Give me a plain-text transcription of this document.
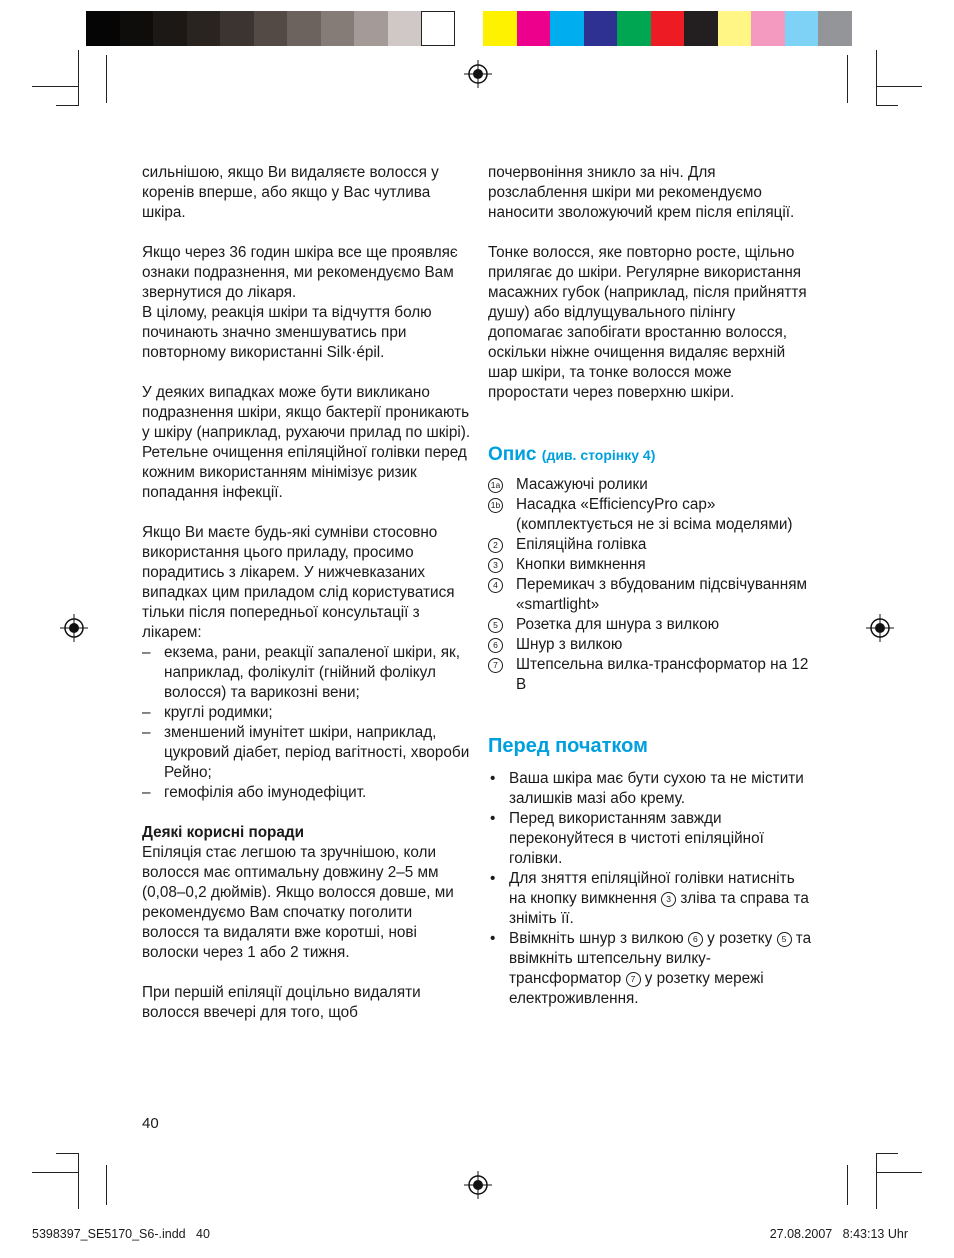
сильнішою, якщо Ви видаляєте волосся у коренів вперше, або якщо у Вас чутлива шкіра.

Якщо через 36 годин шкіра все ще проявляє ознаки подразнення, ми рекомендуємо Вам звернутися до лікаря.

В цілому, реакція шкіри та відчуття болю починають значно зменшуватись при повторному використанні Silk·épil.

У деяких випадках може бути викликано подразнення шкіри, якщо бактерії проникають у шкіру (наприклад, рухаючи прилад по шкірі). Ретельне очищення епіляційної голівки перед кожним використанням мінімізує ризик попадання інфекції.

Якщо Ви маєте будь-які сумніви стосовно використання цього приладу, просимо порадитись з лікарем. У нижчевказаних випадках цим приладом слід користуватися тільки після попередньої консультації з лікарем:

– екзема, рани, реакції запаленої шкіри, як, наприклад, фолікуліт (гнійний фолікул волосся) та варикозні вени;
– круглі родимки;
– зменшений імунітет шкіри, наприклад, цукровий діабет, період вагітності, хвороби Рейно;
– гемофілія або імунодефіцит.
Деякі корисні поради

Епіляція стає легшою та зручнішою, коли волосся має оптимальну довжину 2–5 мм (0,08–0,2 дюймів). Якщо волосся довше, ми рекомендуємо Вам спочатку поголити волосся та видаляти вже коротші, нові волоски через 1 або 2 тижня.

При першій епіляції доцільно видаляти волосся ввечері для того, щоб

почервоніння зникло за ніч. Для розслаблення шкіри ми рекомендуємо наносити зволожуючий крем після епіляції.

Тонке волосся, яке повторно росте, щільно прилягає до шкіри. Регулярне використання масажних губок (наприклад, після прийняття душу) або відлущувального пілінгу допомагає запобігати вростанню волосся, оскільки ніжне очищення видаляє верхній шар шкіри, та тонке волосся може проростати через поверхню шкіри.

Опис (див. сторінку 4)
1a Масажуючі ролики
1b Насадка «EfficiencyPro cap» (комплектується не зі всіма моделями)
2	Епіляційна голівка
3	Кнопки вимкнення
4	Перемикач з вбудованим підсвічуванням «smartlight»
5	Розетка для шнура з вилкою
6	Шнур з вилкою
7	Штепсельна вилка-трансформатор на 12 В
Перед початком
• Ваша шкіра має бути сухою та не містити залишків мазі або крему.
• Перед використанням завжди переконуйтеся в чистоті епіляційної голівки.
• Для зняття епіляційної голівки натисніть на кнопку вимкнення 3 зліва та справа та зніміть її.
• Ввімкніть шнур з вилкою 6 у розетку 5 та ввімкніть штепсельну вилку-трансформатор 7 у розетку мережі електроживлення.
40
5398397_SE5170_S6-.indd   40	27.08.2007   8:43:13 Uhr
